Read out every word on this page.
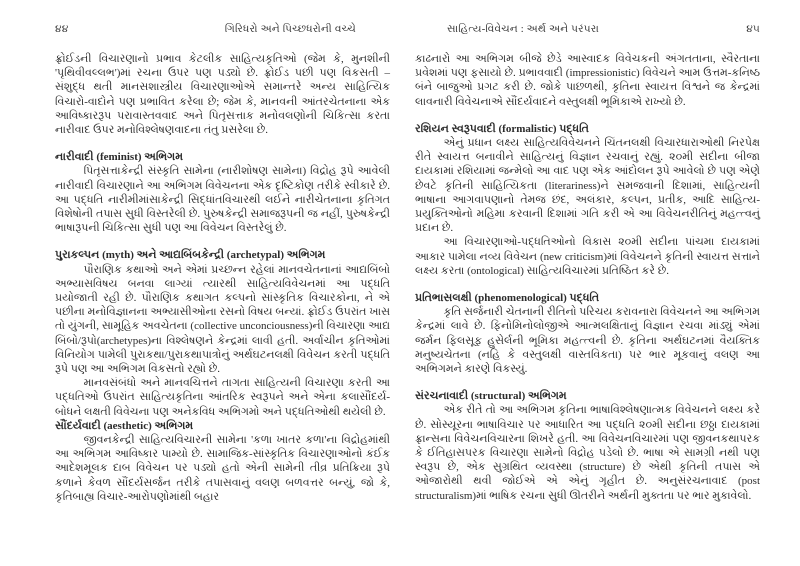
૪૪	ગિરિધરો અને પિચ્છધરોની વચ્ચે
ફ્રોઈડની વિચારણાનો પ્રભાવ કેટલીક સાહિત્યકૃતિઓ (જેમ કે, મુનશીની 'પૃથિવીવલ્લભ')માં રચના ઉપર પણ પડ્યો છે. ફ્રોઈડ પછી પણ વિકસતી – સંશુદ્ધ થતી માનસશાસ્ત્રીય વિચારણાઓએ સમાન્તરે અન્ય સાહિત્યિક વિચારો-વાદોને પણ પ્રભાવિત કરેલા છે; જેમ કે, માનવની આંતરચેતનાના એક આવિષ્કારરૂપ પરાવાસ્તવવાદ અને પિતૃસત્તાક મનોવલણોની ચિકિત્સા કરતા નારીવાદ ઉપર મનોવિશ્લેષણવાદના તંતુ પ્રસરેલા છે.
નારીવાદી (feminist) અભિગમ
પિતૃસત્તાકેન્દ્રી સંસ્કૃતિ સામેના (નારીશોષણ સામેના) વિદ્રોહ રૂપે આવેલી નારીવાદી વિચારણાને આ અભિગમ વિવેચનના એક દૃષ્ટિકોણ તરીકે સ્વીકારે છે. આ પદ્ધતિ નારીમીમાંસાકેન્દ્રી સિદ્ધાંતવિચારથી લઈને નારીચેતનાના કૃતિગત વિશેષોની તપાસ સુધી વિસ્તરેલી છે. પુરુષકેન્દ્રી સમાજરૂપની જ નહીં, પુરુષકેન્દ્રી ભાષારૂપની ચિકિત્સા સુધી પણ આ વિવેચન વિસ્તરેલું છે.
પુરાકલ્પન (myth) અને આદ્યબિંબકેન્દ્રી (archetypal) અભિગમ
પૌરાણિક કથાઓ અને એમાં પ્રચ્છન્ન રહેલાં માનવચેતનાનાં આદ્યબિંબો અભ્યાસવિષય બનવા લાગ્યાં ત્યારથી સાહિત્યવિવેચનમાં આ પદ્ધતિ પ્રયોજાતી રહી છે. પૌરાણિક કથાગત કલ્પનો સાંસ્કૃતિક વિચારકોના, ને એ પછીના મનોવિજ્ઞાનના અભ્યાસીઓના રસનો વિષય બન્યાં. ફ્રોઈડ ઉપરાંત ખાસ તો યુંગની, સામૂહિક અવચેતના (collective unconciousness)ની વિચારણા આદ્ય બિંબો/રૂપો(archetypes)ના વિશ્લેષણને કેન્દ્રમાં લાવી હતી. અર્વાચીન કૃતિઓમાં વિનિયોગ પામેલી પુરાકથા/પુરાકથાપાત્રોનું અર્થઘટનલક્ષી વિવેચન કરતી પદ્ધતિ રૂપે પણ આ અભિગમ વિકસતો રહ્યો છે.
માનવસંબંધો અને માનવચિત્તને તાગતા સાહિત્યની વિચારણા કરતી આ પદ્ધતિઓ ઉપરાંત સાહિત્યકૃતિના આંતરિક સ્વરૂપને અને એના કલાસૌંદર્ય-બોધને લક્ષતી વિવેચના પણ અનેકવિધ અભિગમો અને પદ્ધતિઓથી થયેલી છે.
સૌંદર્યવાદી (aesthetic) અભિગમ
જીવનકેન્દ્રી સાહિત્યવિચારની સામેના 'કળા ખાતર કળા'ના વિદ્રોહમાંથી આ અભિગમ આવિષ્કાર પામ્યો છે. સામાજિક-સાંસ્કૃતિક વિચારણાઓનો કંઈક આદેશમૂલક દાબ વિવેચન પર પડ્યો હતો એની સામેની તીવ્ર પ્રતિક્રિયા રૂપે કળાને કેવળ સૌંદર્યસર્જન તરીકે તપાસવાનું વલણ બળવત્તર બન્યું, જો કે, કૃતિબાહ્ય વિચાર-આરોપણોમાંથી બહાર
સાહિત્ય-વિવેચન : અર્થ અને પરંપરા	૪૫
કાઢનારો આ અભિગમ બીજે છેડે આસ્વાદક વિવેચકની અંગતતાના, સ્વૈરતાના પ્રવેશમાં પણ ફસાયો છે. પ્રભાવવાદી (impressionistic) વિવેચને આમ ઉત્તમ-કનિષ્ઠ બંને બાજુઓ પ્રગટ કરી છે. જોકે પાછળથી, કૃતિના સ્વાયત્ત વિશ્વને જ કેન્દ્રમાં લાવનારી વિવેચનાએ સૌંદર્યવાદને વસ્તુલક્ષી ભૂમિકાએ રાખ્યો છે.
રશિયન સ્વરૂપવાદી (formalistic) પદ્ધતિ
એનું પ્રધાન લક્ષ્ય સાહિત્યવિવેચનને ચિંતનલક્ષી વિચારધારાઓથી નિરપેક્ષ રીતે સ્વાયત્ત બનાવીને સાહિત્યનું વિજ્ઞાન રચવાનું રહ્યું. ૨૦મી સદીના બીજા દાયકામાં રશિયામાં જન્મેલો આ વાદ પણ એક આંદોલન રૂપે આવેલો છે પણ એણે છેવટે કૃતિની સાહિત્યિકતા (literariness)ને સમજવાની દિશામાં, સાહિત્યની ભાષાના આગવાપણાનો તેમજ છંદ, અલંકાર, કલ્પન, પ્રતીક, આદિ સાહિત્ય-પ્રયુક્તિઓનો મહિમા કરવાની દિશામાં ગતિ કરી એ આ વિવેચનરીતિનું મહત્ત્વનું પ્રદાન છે.
આ વિચારણાઓ-પદ્ધતિઓનો વિકાસ ૨૦મી સદીના પાંચમા દાયકામાં આકાર પામેલા નવ્ય વિવેચન (new criticism)માં વિવેચનને કૃતિની સ્વાયત્ત સત્તાને લક્ષ્ય કરતા (ontological) સાહિત્યવિચારમાં પ્રતિષ્ઠિત કરે છે.
પ્રતિભાસલક્ષી (phenomenological) પદ્ધતિ
કૃતિ સર્જનારી ચેતનાની રીતિનો પરિચય કરાવનારા વિવેચનને આ અભિગમ કેન્દ્રમાં લાવે છે. ફિનોમિનોલોજીએ આત્મલક્ષિતાનું વિજ્ઞાન રચવા માંડ્યું એમાં જર્મન ફિલસૂફ હુસેર્લની ભૂમિકા મહત્ત્વની છે. કૃતિના અર્થઘટનમાં વૈયક્તિક મનુષ્યચેતના (નહિ કે વસ્તુલક્ષી વાસ્તવિકતા) પર ભાર મૂકવાનું વલણ આ અભિગમને કારણે વિકસ્યું.
સંરચનાવાદી (structural) અભિગમ
એક રીતે તો આ અભિગમ કૃતિના ભાષાવિશ્લેષણાત્મક વિવેચનને લક્ષ્ય કરે છે. સોસ્યૂરના ભાષાવિચાર પર આધારિત આ પદ્ધતિ ૨૦મી સદીના છઠ્ઠા દાયકામાં ફ્રાન્સના વિવેચનવિચારના શિખરે હતી. આ વિવેચનવિચારમાં પણ જીવનકથાપરક કે ઈતિહાસપરક વિચારણા સામેનો વિદ્રોહ પડેલો છે. ભાષા એ સામગ્રી નથી પણ સ્વરૂપ છે, એક સુગ્રથિત વ્યવસ્થા (structure) છે એથી કૃતિની તપાસ એ ઓજારોથી થવી જોઈએ એ એનું ગૃહીત છે. અનુસંરચનાવાદ (post structuralism)માં ભાષિક રચના સુધી ઊતરીને અર્થની મુક્તતા પર ભાર મુકાવેલો.
